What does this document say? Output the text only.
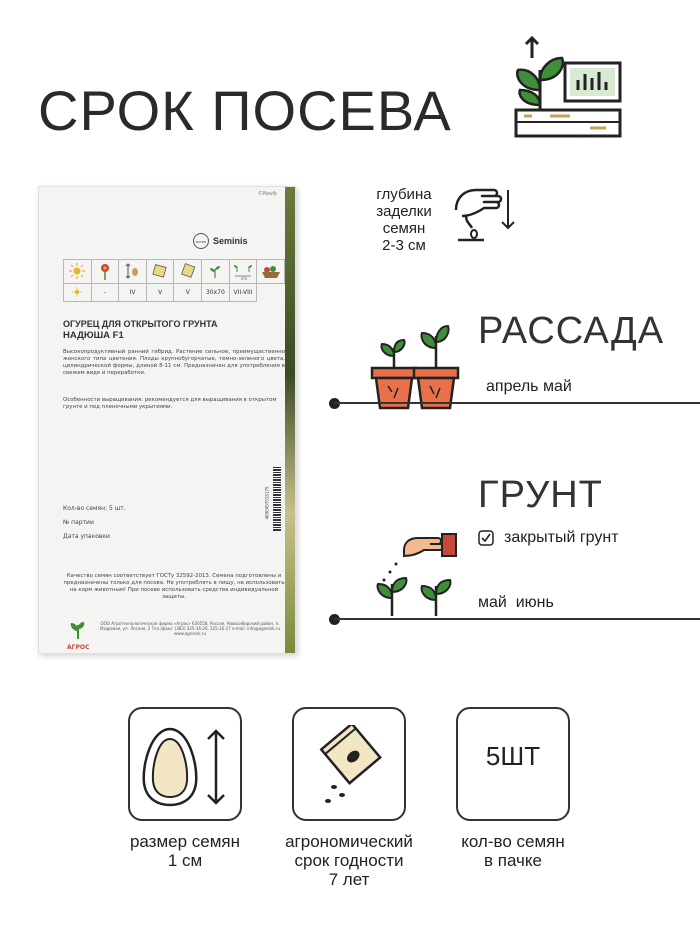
СРОК ПОСЕВА
©Novik
BAYER Seminis

cm

	-	IV	V	V	30x70	VII-VIII	
ОГУРЕЦ ДЛЯ ОТКРЫТОГО ГРУНТА
НАДЮША F1
Высокопродуктивный ранний гибрид. Растение сильное, преимущественно женского типа цветения. Плоды крупнобугорчатые, темно-зеленого цвета, цилиндрической формы, длиной 8-11 см. Предназначен для употребления в свежем виде и переработки.
Особенности выращивания: рекомендуется для выращивания в открытом грунте и под пленочными укрытиями.
Кол-во семян: 5 шт.
№ партии
Дата упаковки
4690457015175
Качество семян соответствует ГОСТу 32592-2013. Семена подготовлены и предназначены только для посева. Не употреблять в пищу, не использовать на корм животным! При посеве использовать средства индивидуальной защиты.
АГРОС
ООО Агротехнологическая фирма «Агрос» 630558, Россия, Новосибирский район, п. Издревая, ул. Лесная, 2 Тел./факс: (383) 325-16-26, 325-16-27 e-mail: info@agrosnk.ru www.agrosnk.ru
глубина
заделки
семян
2-3 см
РАССАДА
апрель май
ГРУНТ
закрытый грунт
май  июнь
размер семян
1 см
агрономический
срок годности
7 лет
5ШТ
кол-во семян
в пачке
